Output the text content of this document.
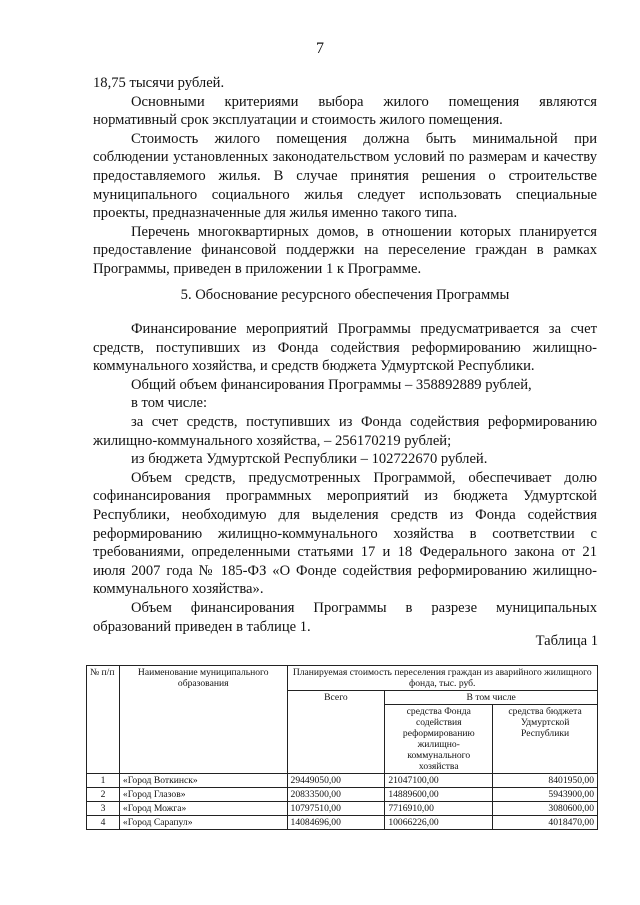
7

18,75 тысячи рублей.

Основными критериями выбора жилого помещения являются нормативный срок эксплуатации и стоимость жилого помещения.

Стоимость жилого помещения должна быть минимальной при соблюдении установленных законодательством условий по размерам и качеству предоставляемого жилья. В случае принятия решения о строительстве муниципального социального жилья следует использовать специальные проекты, предназначенные для жилья именно такого типа.

Перечень многоквартирных домов, в отношении которых планируется предоставление финансовой поддержки на переселение граждан в рамках Программы, приведен в приложении 1 к Программе.

5. Обоснование ресурсного обеспечения Программы

Финансирование мероприятий Программы предусматривается за счет средств, поступивших из Фонда содействия реформированию жилищно-коммунального хозяйства, и средств бюджета Удмуртской Республики.

Общий объем финансирования Программы – 358892889 рублей,

в том числе:

за счет средств, поступивших из Фонда содействия реформированию жилищно-коммунального хозяйства, – 256170219 рублей;

из бюджета Удмуртской Республики – 102722670 рублей.

Объем средств, предусмотренных Программой, обеспечивает долю софинансирования программных мероприятий из бюджета Удмуртской Республики, необходимую для выделения средств из Фонда содействия реформированию жилищно-коммунального хозяйства в соответствии с требованиями, определенными статьями 17 и 18 Федерального закона от 21 июля 2007 года № 185-ФЗ «О Фонде содействия реформированию жилищно-коммунального хозяйства».

Объем финансирования Программы в разрезе муниципальных образований приведен в таблице 1.

Таблица 1
№ п/п	Наименование муниципального образования	Планируемая стоимость переселения граждан из аварийного жилищного фонда, тыс. руб.		
		Всего	В том числе	
			средства Фонда содействия реформированию жилищно-коммунального хозяйства	средства бюджета Удмуртской Республики
1	«Город Воткинск»	29449050,00	21047100,00	8401950,00
2	«Город Глазов»	20833500,00	14889600,00	5943900,00
3	«Город Можга»	10797510,00	7716910,00	3080600,00
4	«Город Сарапул»	14084696,00	10066226,00	4018470,00
